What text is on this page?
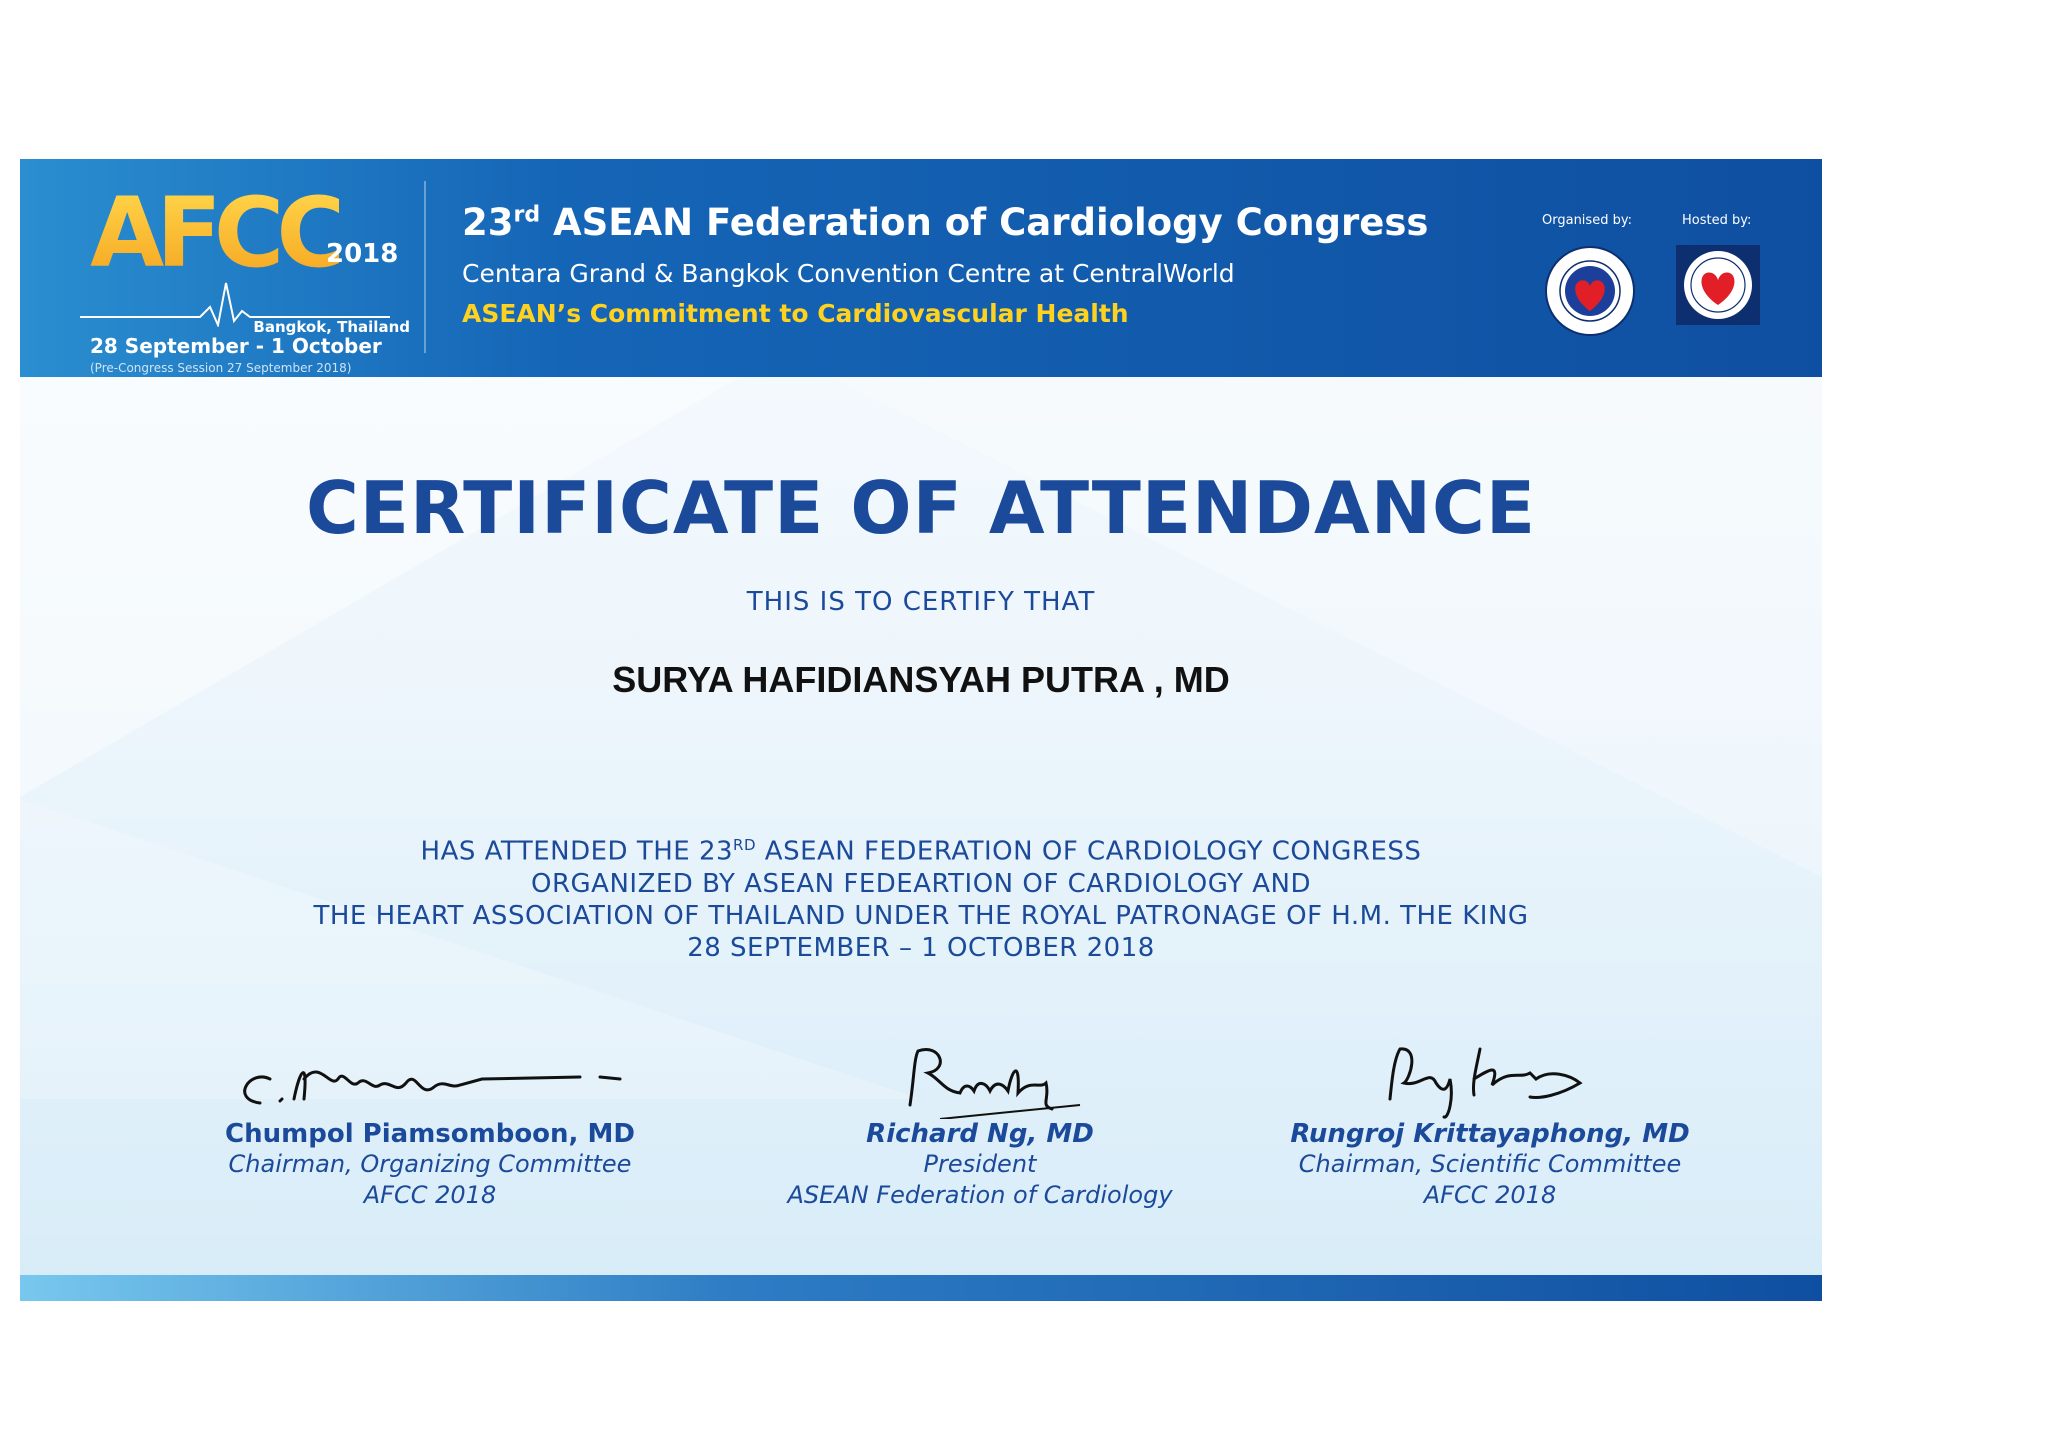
AFCC
2018
Bangkok, Thailand
28 September - 1 October
(Pre-Congress Session 27 September 2018)
23rd ASEAN Federation of Cardiology Congress
Centara Grand & Bangkok Convention Centre at CentralWorld
ASEAN’s Commitment to Cardiovascular Health
Organised by:	Hosted by:
CERTIFICATE OF ATTENDANCE
THIS IS TO CERTIFY THAT
SURYA HAFIDIANSYAH PUTRA , MD
HAS ATTENDED THE 23RD ASEAN FEDERATION OF CARDIOLOGY CONGRESS
ORGANIZED BY ASEAN FEDEARTION OF CARDIOLOGY AND
THE HEART ASSOCIATION OF THAILAND UNDER THE ROYAL PATRONAGE OF H.M. THE KING
28 SEPTEMBER – 1 OCTOBER 2018
Chumpol Piamsomboon, MD
Chairman, Organizing Committee
AFCC 2018
Richard Ng, MD
President
ASEAN Federation of Cardiology
Rungroj Krittayaphong, MD
Chairman, Scientific Committee
AFCC 2018
